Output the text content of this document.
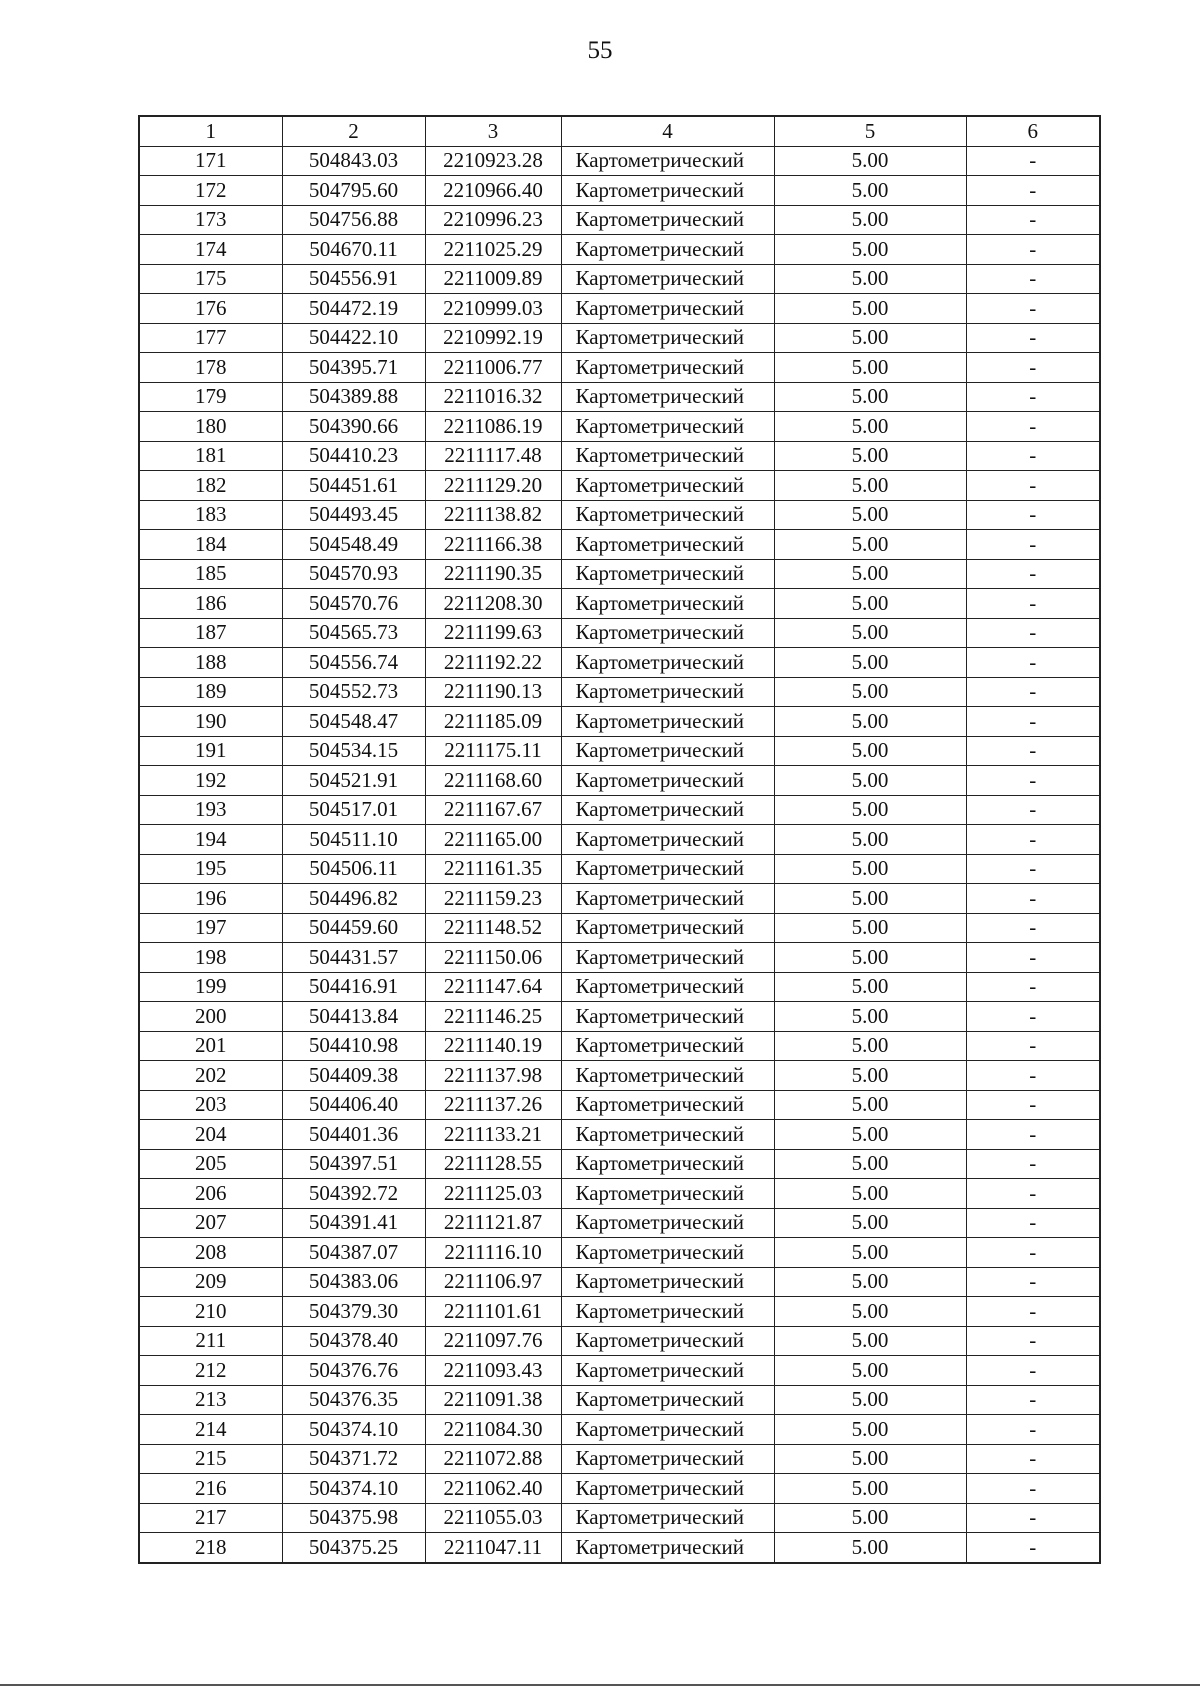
55
1	2	3	4	5	6
171	504843.03	2210923.28	Картометрический	5.00	-
172	504795.60	2210966.40	Картометрический	5.00	-
173	504756.88	2210996.23	Картометрический	5.00	-
174	504670.11	2211025.29	Картометрический	5.00	-
175	504556.91	2211009.89	Картометрический	5.00	-
176	504472.19	2210999.03	Картометрический	5.00	-
177	504422.10	2210992.19	Картометрический	5.00	-
178	504395.71	2211006.77	Картометрический	5.00	-
179	504389.88	2211016.32	Картометрический	5.00	-
180	504390.66	2211086.19	Картометрический	5.00	-
181	504410.23	2211117.48	Картометрический	5.00	-
182	504451.61	2211129.20	Картометрический	5.00	-
183	504493.45	2211138.82	Картометрический	5.00	-
184	504548.49	2211166.38	Картометрический	5.00	-
185	504570.93	2211190.35	Картометрический	5.00	-
186	504570.76	2211208.30	Картометрический	5.00	-
187	504565.73	2211199.63	Картометрический	5.00	-
188	504556.74	2211192.22	Картометрический	5.00	-
189	504552.73	2211190.13	Картометрический	5.00	-
190	504548.47	2211185.09	Картометрический	5.00	-
191	504534.15	2211175.11	Картометрический	5.00	-
192	504521.91	2211168.60	Картометрический	5.00	-
193	504517.01	2211167.67	Картометрический	5.00	-
194	504511.10	2211165.00	Картометрический	5.00	-
195	504506.11	2211161.35	Картометрический	5.00	-
196	504496.82	2211159.23	Картометрический	5.00	-
197	504459.60	2211148.52	Картометрический	5.00	-
198	504431.57	2211150.06	Картометрический	5.00	-
199	504416.91	2211147.64	Картометрический	5.00	-
200	504413.84	2211146.25	Картометрический	5.00	-
201	504410.98	2211140.19	Картометрический	5.00	-
202	504409.38	2211137.98	Картометрический	5.00	-
203	504406.40	2211137.26	Картометрический	5.00	-
204	504401.36	2211133.21	Картометрический	5.00	-
205	504397.51	2211128.55	Картометрический	5.00	-
206	504392.72	2211125.03	Картометрический	5.00	-
207	504391.41	2211121.87	Картометрический	5.00	-
208	504387.07	2211116.10	Картометрический	5.00	-
209	504383.06	2211106.97	Картометрический	5.00	-
210	504379.30	2211101.61	Картометрический	5.00	-
211	504378.40	2211097.76	Картометрический	5.00	-
212	504376.76	2211093.43	Картометрический	5.00	-
213	504376.35	2211091.38	Картометрический	5.00	-
214	504374.10	2211084.30	Картометрический	5.00	-
215	504371.72	2211072.88	Картометрический	5.00	-
216	504374.10	2211062.40	Картометрический	5.00	-
217	504375.98	2211055.03	Картометрический	5.00	-
218	504375.25	2211047.11	Картометрический	5.00	-
